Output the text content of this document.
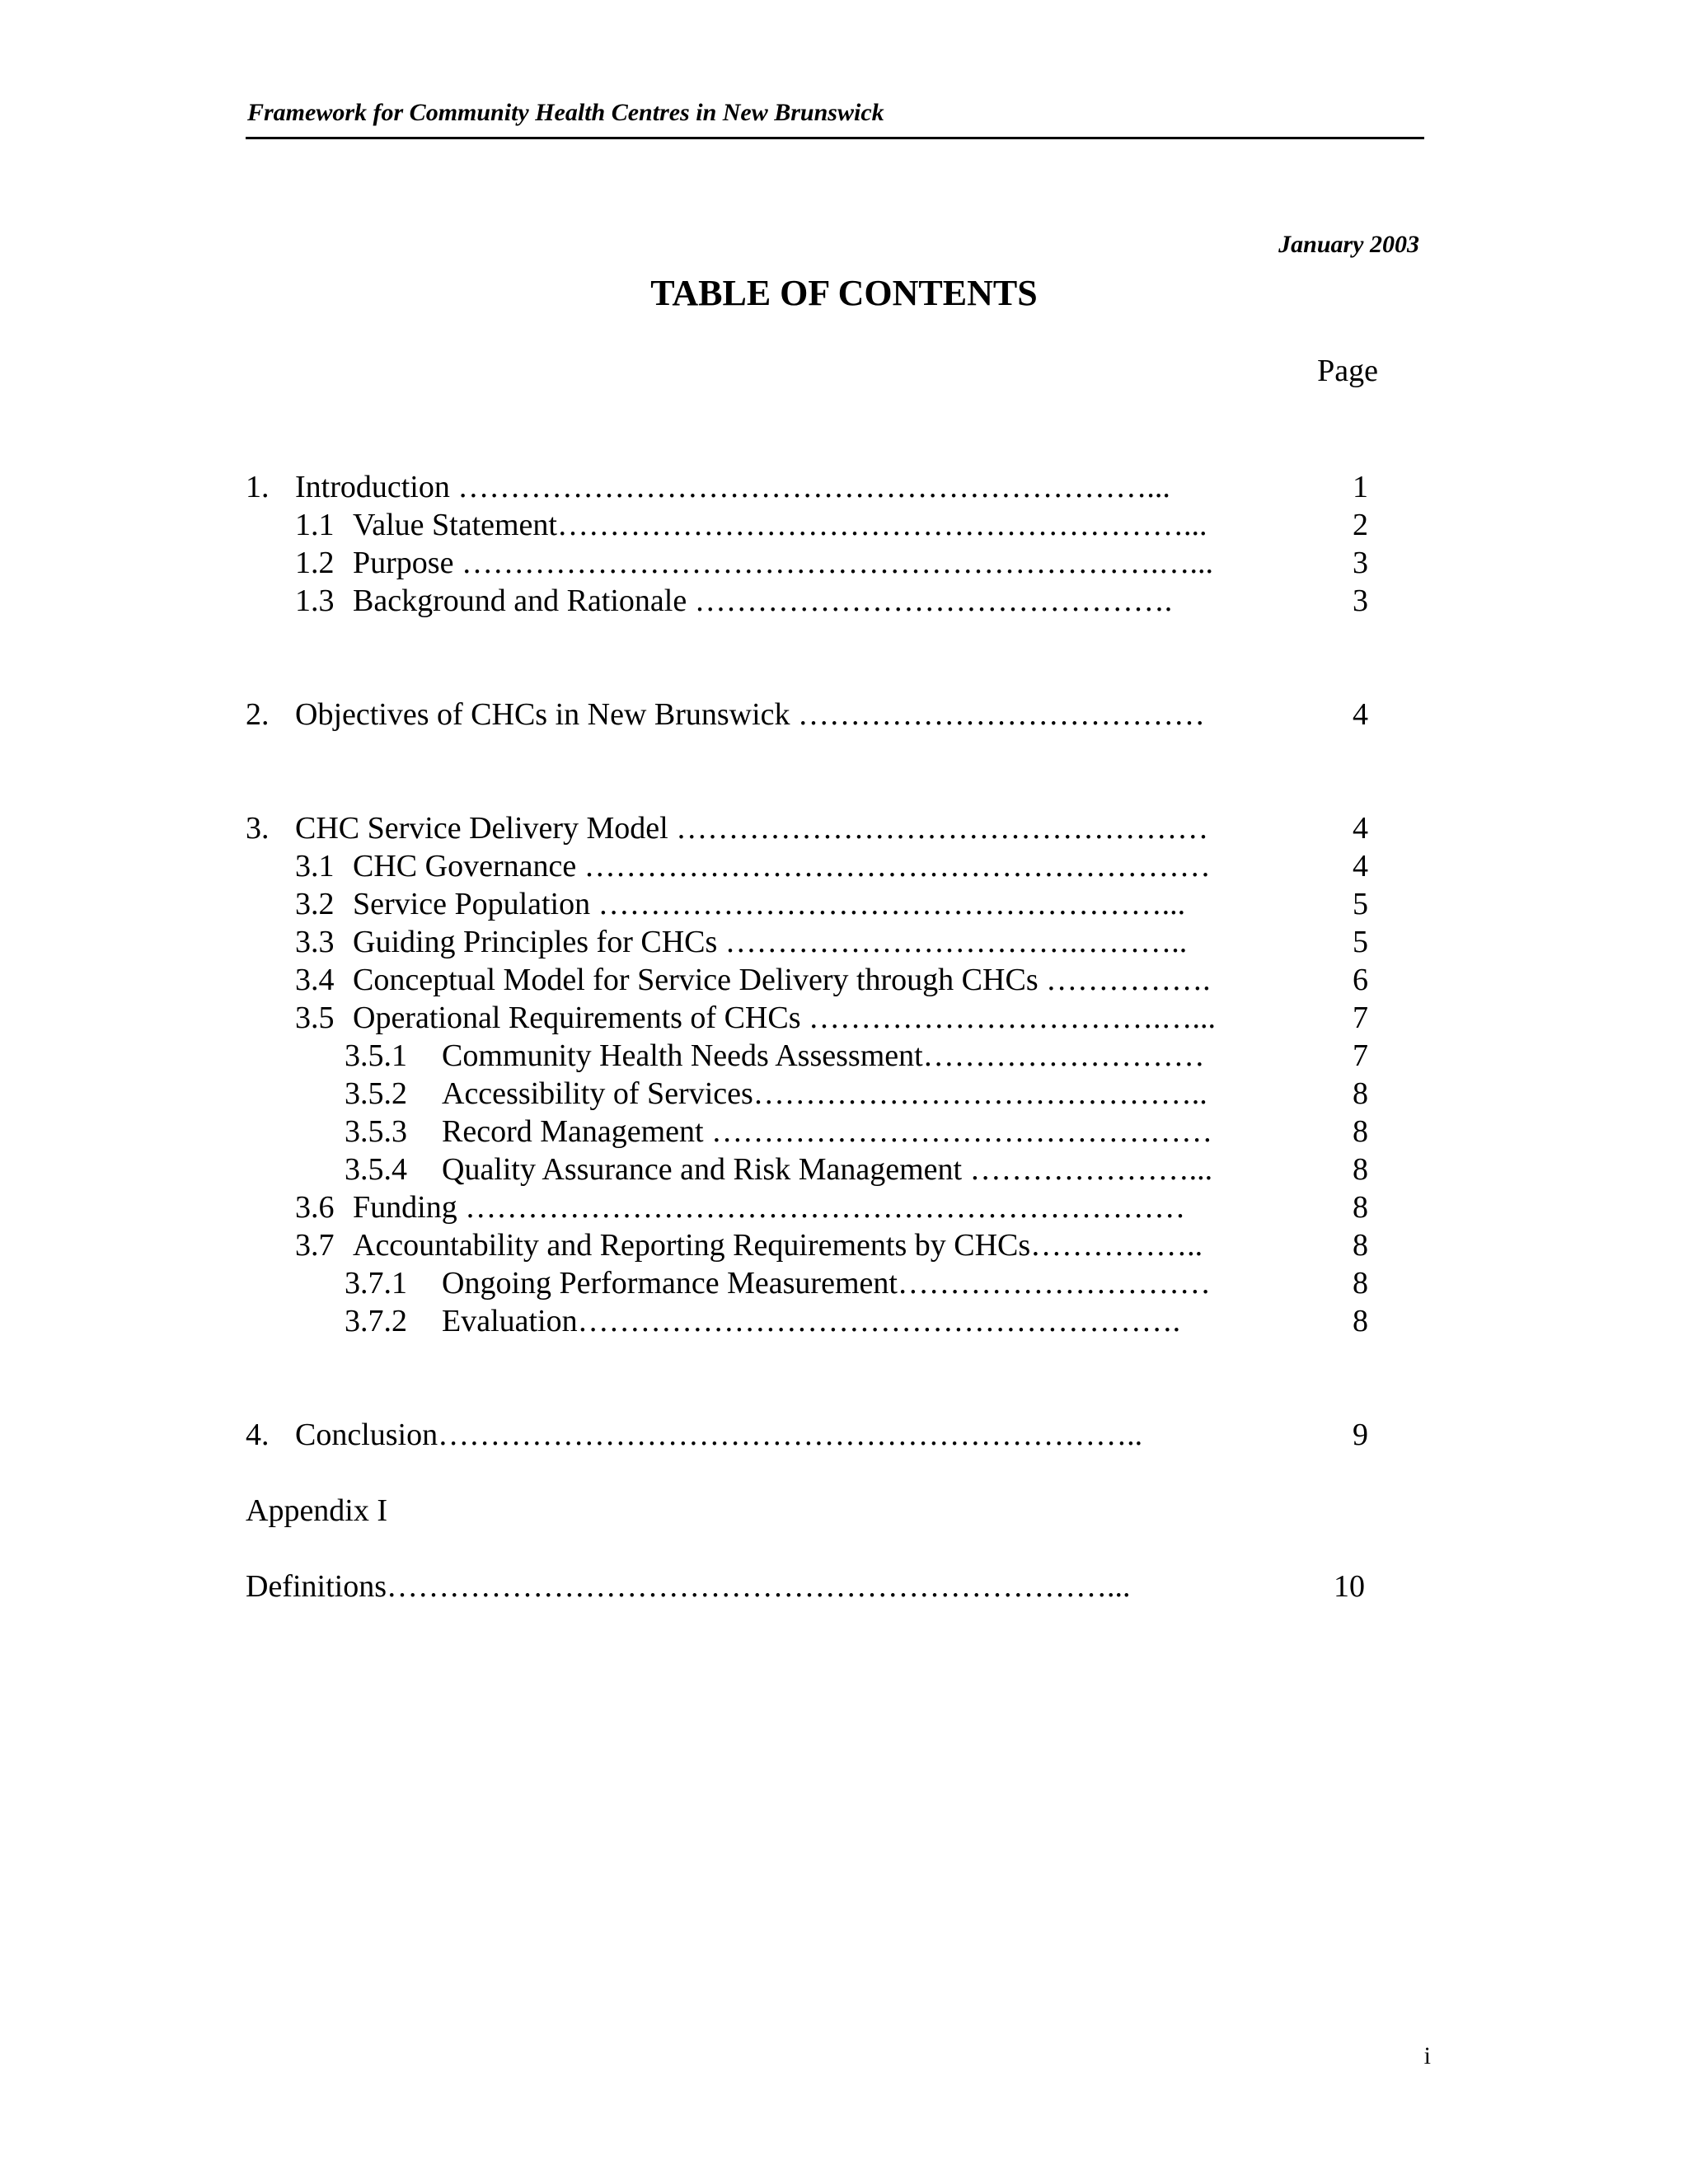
Framework for Community Health Centres in New Brunswick
January 2003
TABLE OF CONTENTS
Page
1. Introduction …………………………………………………………...	1
1.1 Value Statement……………………………………………………...	2
1.2 Purpose ………………………………………………………….…...	3
1.3 Background and Rationale ……………………………………….	3
2. Objectives of CHCs in New Brunswick …………………………………	4
3. CHC Service Delivery Model ……………………………………………	4
3.1 CHC Governance ……………………………………………………	4
3.2 Service Population ………………………………………………...	5
3.3 Guiding Principles for CHCs …………………………….………..	5
3.4 Conceptual Model for Service Delivery through CHCs …………….	6
3.5 Operational Requirements of CHCs …………………………….…...	7
3.5.1 Community Health Needs Assessment………………………	7
3.5.2 Accessibility of Services……………………………………..	8
3.5.3 Record Management …………………………………………	8
3.5.4 Quality Assurance and Risk Management …………………...	8
3.6 Funding ……………………………………………………………	8
3.7 Accountability and Reporting Requirements by CHCs……………..	8
3.7.1 Ongoing Performance Measurement…………………………	8
3.7.2 Evaluation………………………………………………….	8
4. Conclusion…………………………………………………………..	9
Appendix I
Definitions……………………………………………………………...	10
i
